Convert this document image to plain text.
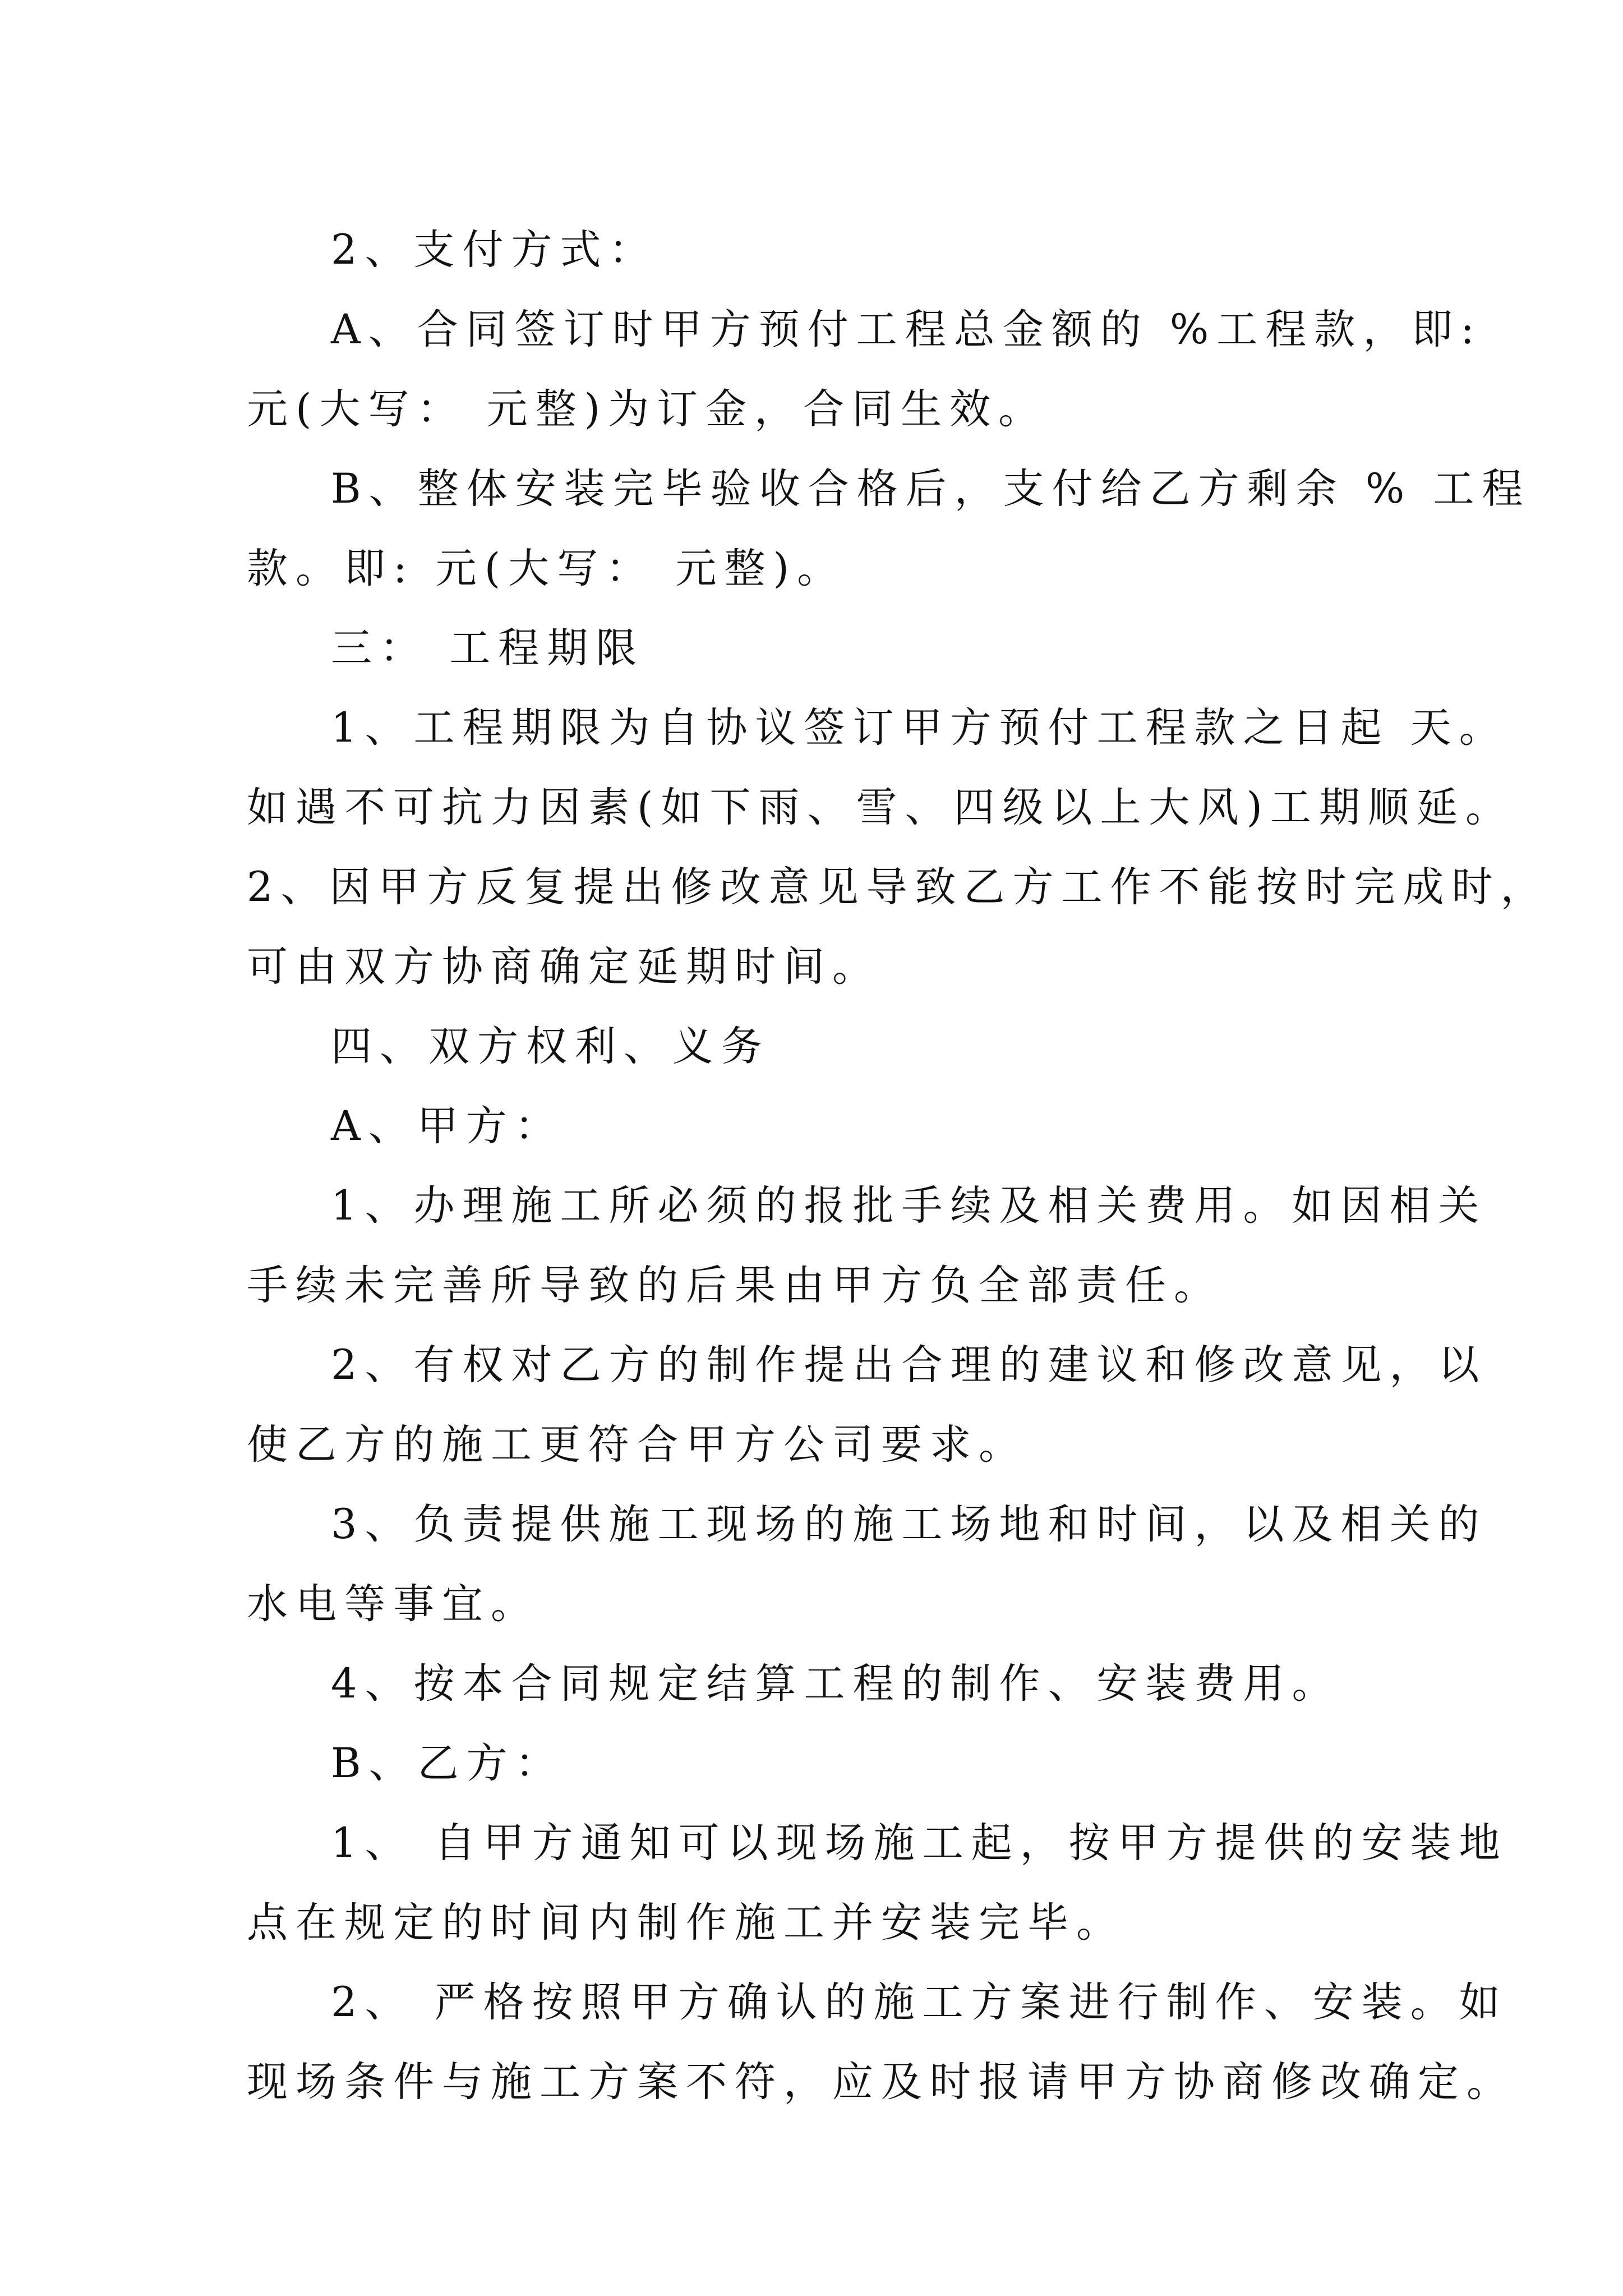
2、支付方式：
A、合同签订时甲方预付工程总金额的 %工程款，即:
元(大写： 元整)为订金，合同生效。
B、整体安装完毕验收合格后，支付给乙方剩余 % 工程
款。即: 元(大写： 元整)。
三： 工程期限
1、工程期限为自协议签订甲方预付工程款之日起 天。
如遇不可抗力因素(如下雨、雪、四级以上大风)工期顺延。
2、因甲方反复提出修改意见导致乙方工作不能按时完成时，
可由双方协商确定延期时间。
四、双方权利、义务
A、甲方：
1、办理施工所必须的报批手续及相关费用。如因相关
手续未完善所导致的后果由甲方负全部责任。
2、有权对乙方的制作提出合理的建议和修改意见，以
使乙方的施工更符合甲方公司要求。
3、负责提供施工现场的施工场地和时间，以及相关的
水电等事宜。
4、按本合同规定结算工程的制作、安装费用。
B、乙方：
1、 自甲方通知可以现场施工起，按甲方提供的安装地
点在规定的时间内制作施工并安装完毕。
2、 严格按照甲方确认的施工方案进行制作、安装。如
现场条件与施工方案不符，应及时报请甲方协商修改确定。
